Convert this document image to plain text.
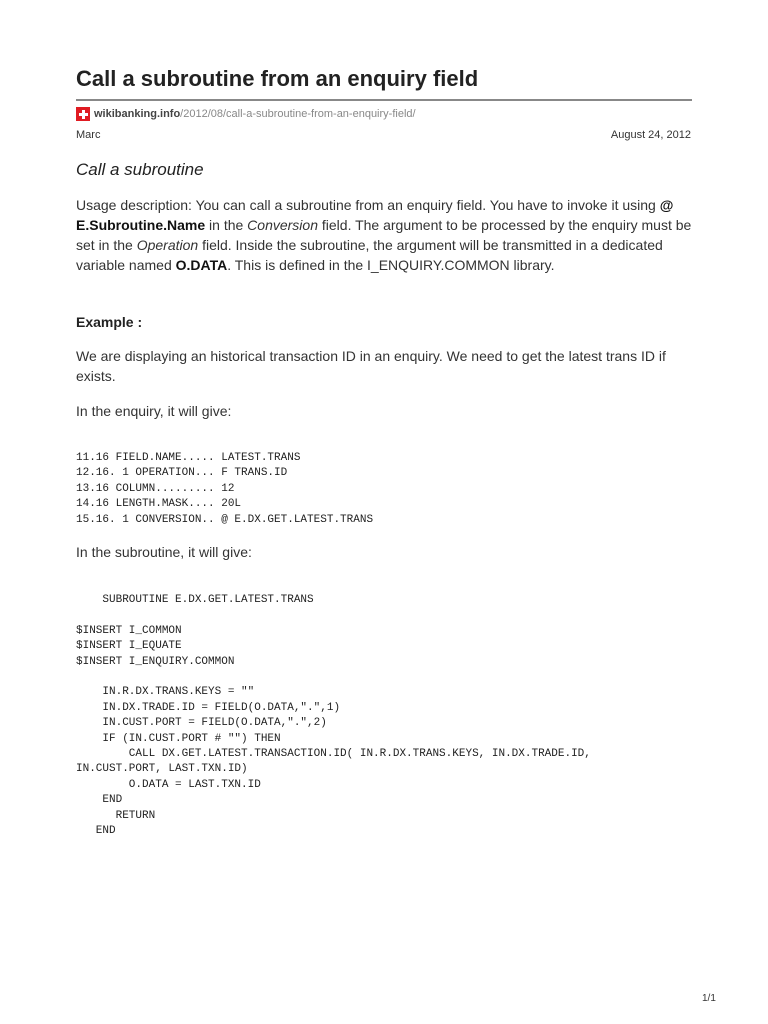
Call a subroutine from an enquiry field
wikibanking.info /2012/08/call-a-subroutine-from-an-enquiry-field/
Marc	August 24, 2012
Call a subroutine

Usage description: You can call a subroutine from an enquiry field. You have to invoke it using @ E.Subroutine.Name in the Conversion field. The argument to be processed by the enquiry must be set in the Operation field. Inside the subroutine, the argument will be transmitted in a dedicated variable named O.DATA. This is defined in the I_ENQUIRY.COMMON library.

Example :

We are displaying an historical transaction ID in an enquiry. We need to get the latest trans ID if exists.

In the enquiry, it will give:

11.16 FIELD.NAME..... LATEST.TRANS
12.16. 1 OPERATION... F TRANS.ID
13.16 COLUMN......... 12
14.16 LENGTH.MASK.... 20L
15.16. 1 CONVERSION.. @ E.DX.GET.LATEST.TRANS

In the subroutine, it will give:

SUBROUTINE E.DX.GET.LATEST.TRANS

$INSERT I_COMMON
$INSERT I_EQUATE
$INSERT I_ENQUIRY.COMMON

IN.R.DX.TRANS.KEYS = ""
IN.DX.TRADE.ID = FIELD(O.DATA,".",1)
IN.CUST.PORT = FIELD(O.DATA,".",2)
IF (IN.CUST.PORT # "") THEN
CALL DX.GET.LATEST.TRANSACTION.ID( IN.R.DX.TRANS.KEYS, IN.DX.TRADE.ID,
IN.CUST.PORT, LAST.TXN.ID)
O.DATA = LAST.TXN.ID
END
RETURN
END
1/1
